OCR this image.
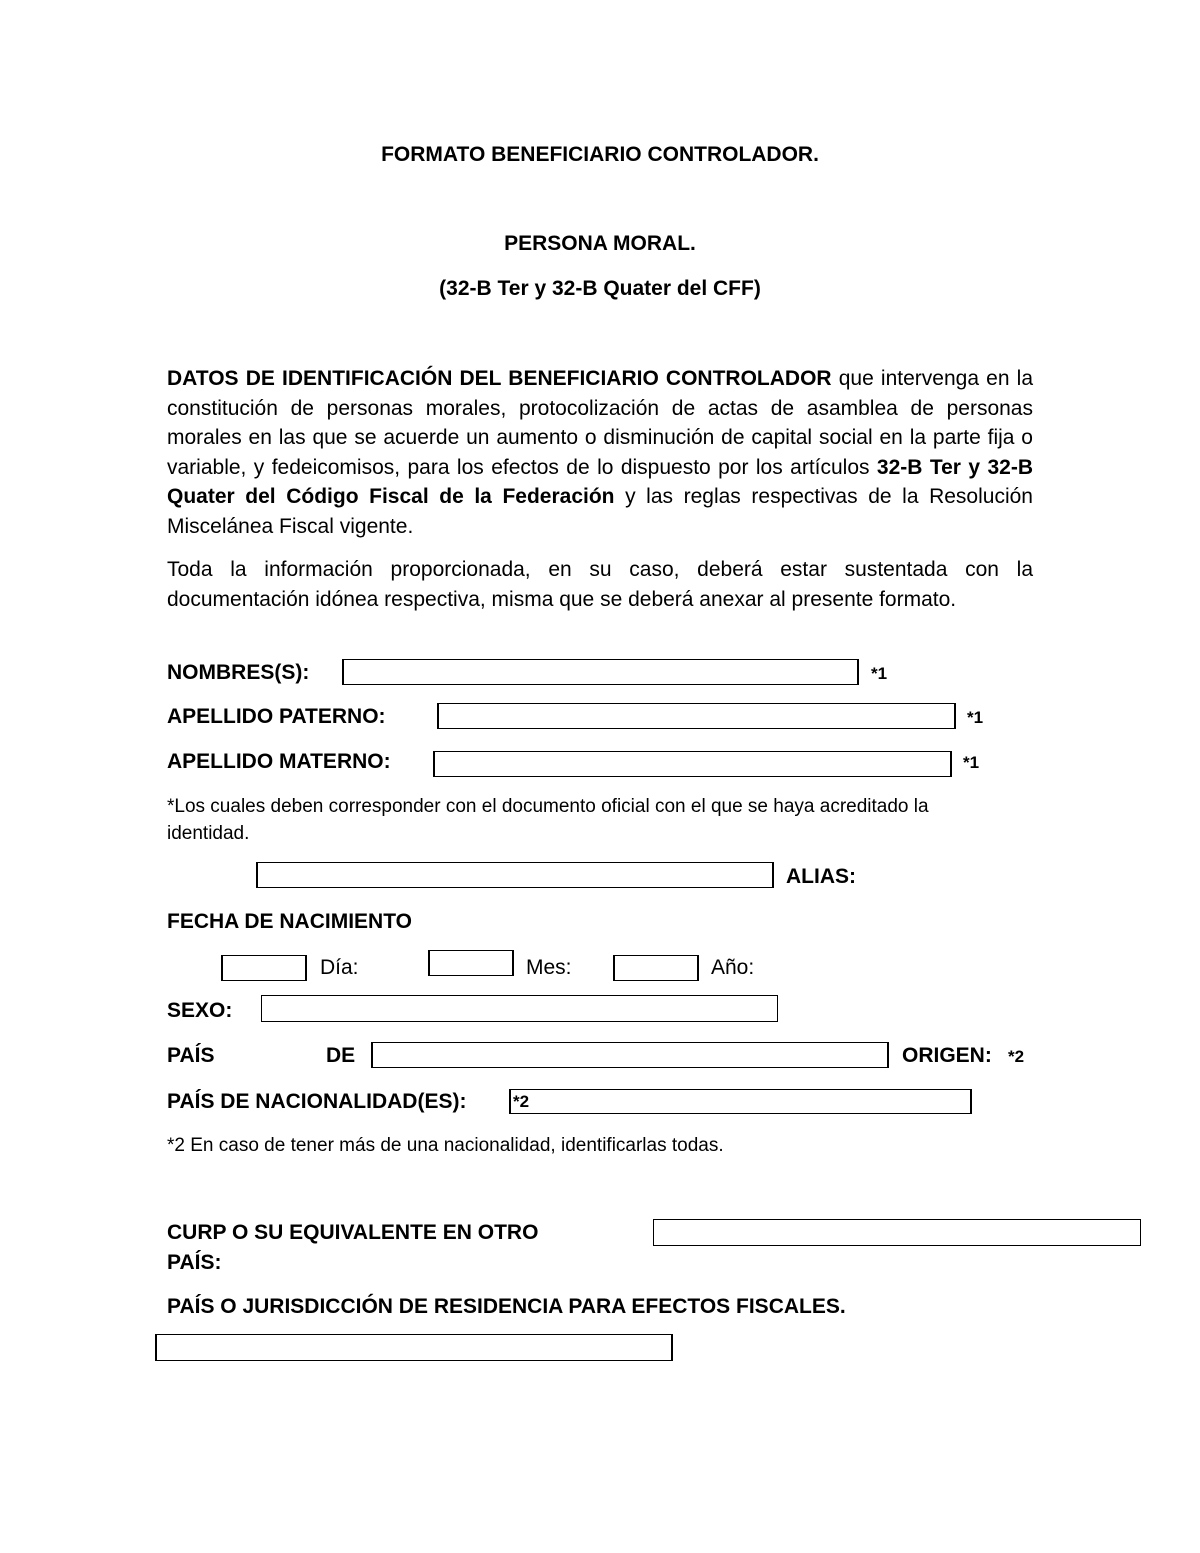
FORMATO BENEFICIARIO CONTROLADOR.
PERSONA MORAL.
(32-B Ter y 32-B Quater del CFF)

DATOS DE IDENTIFICACIÓN DEL BENEFICIARIO CONTROLADOR que intervenga en la constitución de personas morales, protocolización de actas de asamblea de personas morales en las que se acuerde un aumento o disminución de capital social en la parte fija o variable, y fedeicomisos, para los efectos de lo dispuesto por los artículos 32-B Ter y 32-B Quater del Código Fiscal de la Federación y las reglas respectivas de la Resolución Miscelánea Fiscal vigente.

Toda la información proporcionada, en su caso, deberá estar sustentada con la documentación idónea respectiva, misma que se deberá anexar al presente formato.

NOMBRES(S):	*1
APELLIDO PATERNO:	*1
APELLIDO MATERNO:	*1
*Los cuales deben corresponder con el documento oficial con el que se haya acreditado la
identidad.
ALIAS:
FECHA DE NACIMIENTO
Día:	Mes:	Año:
SEXO:
PAÍS	DE	ORIGEN: *2
PAÍS DE NACIONALIDAD(ES):	*2
*2 En caso de tener más de una nacionalidad, identificarlas todas.
CURP O SU EQUIVALENTE EN OTRO
PAÍS:
PAÍS O JURISDICCIÓN DE RESIDENCIA PARA EFECTOS FISCALES.
